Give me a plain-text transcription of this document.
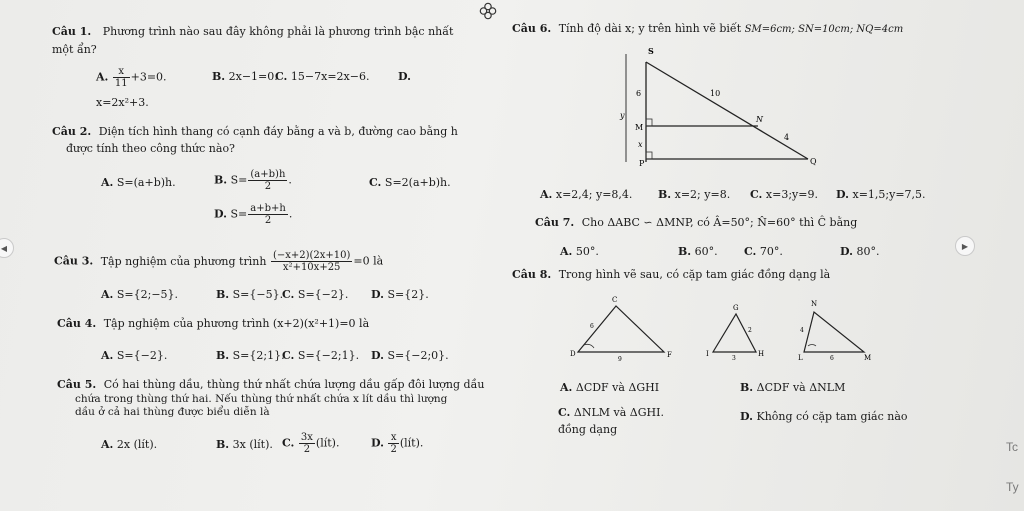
Câu 1. Phương trình nào sau đây không phải là phương trình bậc nhất
một ẩn?
A. $\frac{x}{11} +3=0$.	B. 2x−1=0.
C. 15−7x=2x−6.	D.
x=2x²+3.
Câu 2. Diện tích hình thang có cạnh đáy bằng a và b, đường cao bằng h
được tính theo công thức nào?
A. S=(a+b)h.	B. $S= \frac{(a+b)h}{2}$ .	C. S=2(a+b)h.
D. $S= \frac{a+b+h}{2}$ .
◀
Câu 3. Tập nghiệm của phương trình $\frac{(-x+2)(2x+10)}{\text{x²+10x+25}} =0$ là
A. S={2;−5}.	B. S={−5}.
C. S={−2}. D. S={2}.
Câu 4. Tập nghiệm của phương trình (x+2)(x²+1)=0 là
A. S={−2}.	B. S={2;1}.
C. S={−2;1}. D. S={−2;0}.
Câu 5. Có hai thùng dầu, thùng thứ nhất chứa lượng dầu gấp đôi lượng dầu
chứa trong thùng thứ hai. Nếu thùng thứ nhất chứa x lít dầu thì lượng
dầu ở cả hai thùng được biểu diễn là
A. 2x (lít).	B. 3x (lít). C. $\frac{3x}{2}$ (lít).	D. $\frac{x}{2}$ (lít).
Câu 6. Tính độ dài x; y trên hình vẽ biết SM=6cm; SN=10cm; NQ=4cm
S
6	10
y
M
N
4
x
P	Q
A. x=2,4; y=8,4. B. x=2; y=8. C. x=3;y=9. D. x=1,5;y=7,5.
Câu 7. Cho ΔABC ∽ ΔMNP, có Â=50°; N̂=60° thì Ĉ bằng
A. 50°.	B. 60°. C. 70°.	D. 80°.	▶
Câu 8. Trong hình vẽ sau, có cặp tam giác đồng dạng là
C
D	F
6
9
G
I	H
2
3
N
4
L	6	M
A. ΔCDF và ΔGHI	B. ΔCDF và ΔNLM
C. ΔNLM và ΔGHI.
đồng dạng
D. Không có cặp tam giác nào
Tc
Ty
